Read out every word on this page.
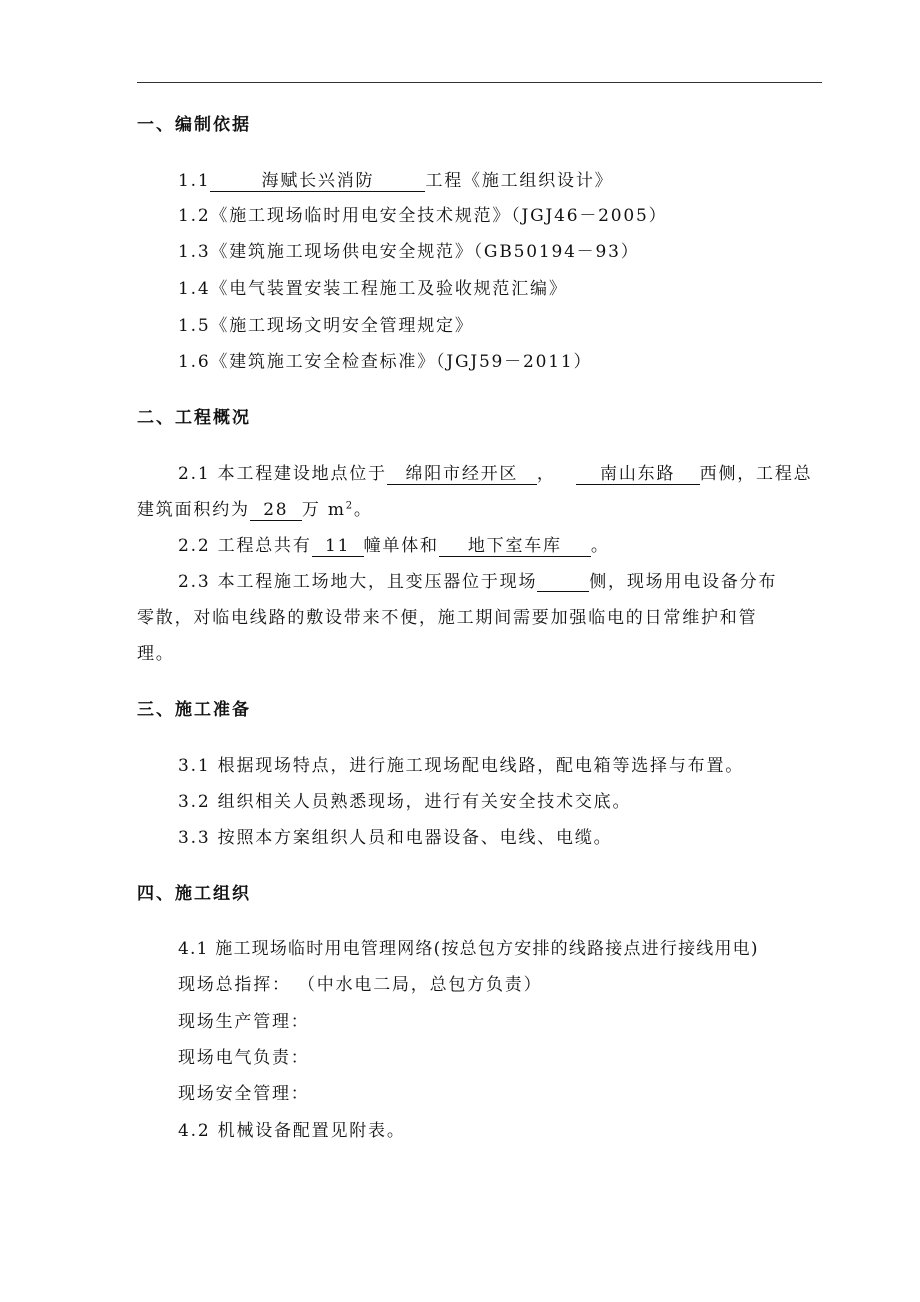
一、编制依据
1.1	海赋长兴消防	工程《施工组织设计》
1.2《施工现场临时用电安全技术规范》（JGJ46－2005）
1.3《建筑施工现场供电安全规范》（GB50194－93）
1.4《电气装置安装工程施工及验收规范汇编》
1.5《施工现场文明安全管理规定》
1.6《建筑施工安全检查标准》（JGJ59－2011）
二、工程概况
2.1 本工程建设地点位于 绵阳市经开区 ，	南山东路 西侧，工程总
建筑面积约为 28 万 $m^2$。
2.2 工程总共有 11 幢单体和 地下室车库 。
2.3 本工程施工场地大，且变压器位于现场	侧，现场用电设备分布
零散，对临电线路的敷设带来不便，施工期间需要加强临电的日常维护和管
理。
三、施工准备
3.1 根据现场特点，进行施工现场配电线路，配电箱等选择与布置。
3.2 组织相关人员熟悉现场，进行有关安全技术交底。
3.3 按照本方案组织人员和电器设备、电线、电缆。
四、施工组织
4.1 施工现场临时用电管理网络(按总包方安排的线路接点进行接线用电)
现场总指挥： （中水电二局，总包方负责）
现场生产管理：
现场电气负责：
现场安全管理：
4.2 机械设备配置见附表。
